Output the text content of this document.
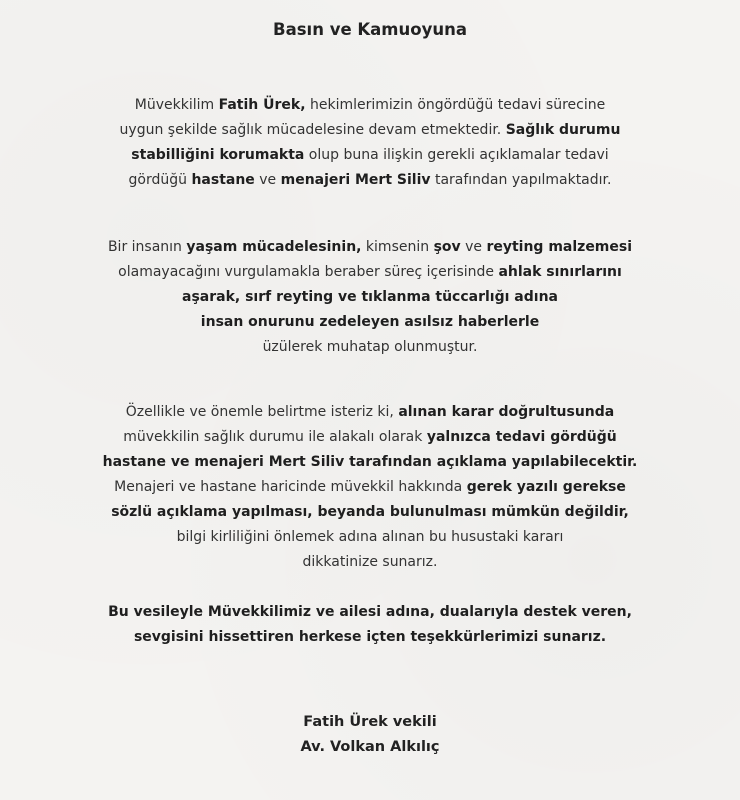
Basın ve Kamuoyuna
Müvekkilim Fatih Ürek, hekimlerimizin öngördüğü tedavi sürecine
uygun şekilde sağlık mücadelesine devam etmektedir. Sağlık durumu
stabilliğini korumakta olup buna ilişkin gerekli açıklamalar tedavi
gördüğü hastane ve menajeri Mert Siliv tarafından yapılmaktadır.
Bir insanın yaşam mücadelesinin, kimsenin şov ve reyting malzemesi
olamayacağını vurgulamakla beraber süreç içerisinde ahlak sınırlarını
aşarak, sırf reyting ve tıklanma tüccarlığı adına
insan onurunu zedeleyen asılsız haberlerle
üzülerek muhatap olunmuştur.
Özellikle ve önemle belirtme isteriz ki, alınan karar doğrultusunda
müvekkilin sağlık durumu ile alakalı olarak yalnızca tedavi gördüğü
hastane ve menajeri Mert Siliv tarafından açıklama yapılabilecektir.
Menajeri ve hastane haricinde müvekkil hakkında gerek yazılı gerekse
sözlü açıklama yapılması, beyanda bulunulması mümkün değildir,
bilgi kirliliğini önlemek adına alınan bu husustaki kararı
dikkatinize sunarız.
Bu vesileyle Müvekkilimiz ve ailesi adına, dualarıyla destek veren,
sevgisini hissettiren herkese içten teşekkürlerimizi sunarız.
Fatih Ürek vekili
Av. Volkan Alkılıç
